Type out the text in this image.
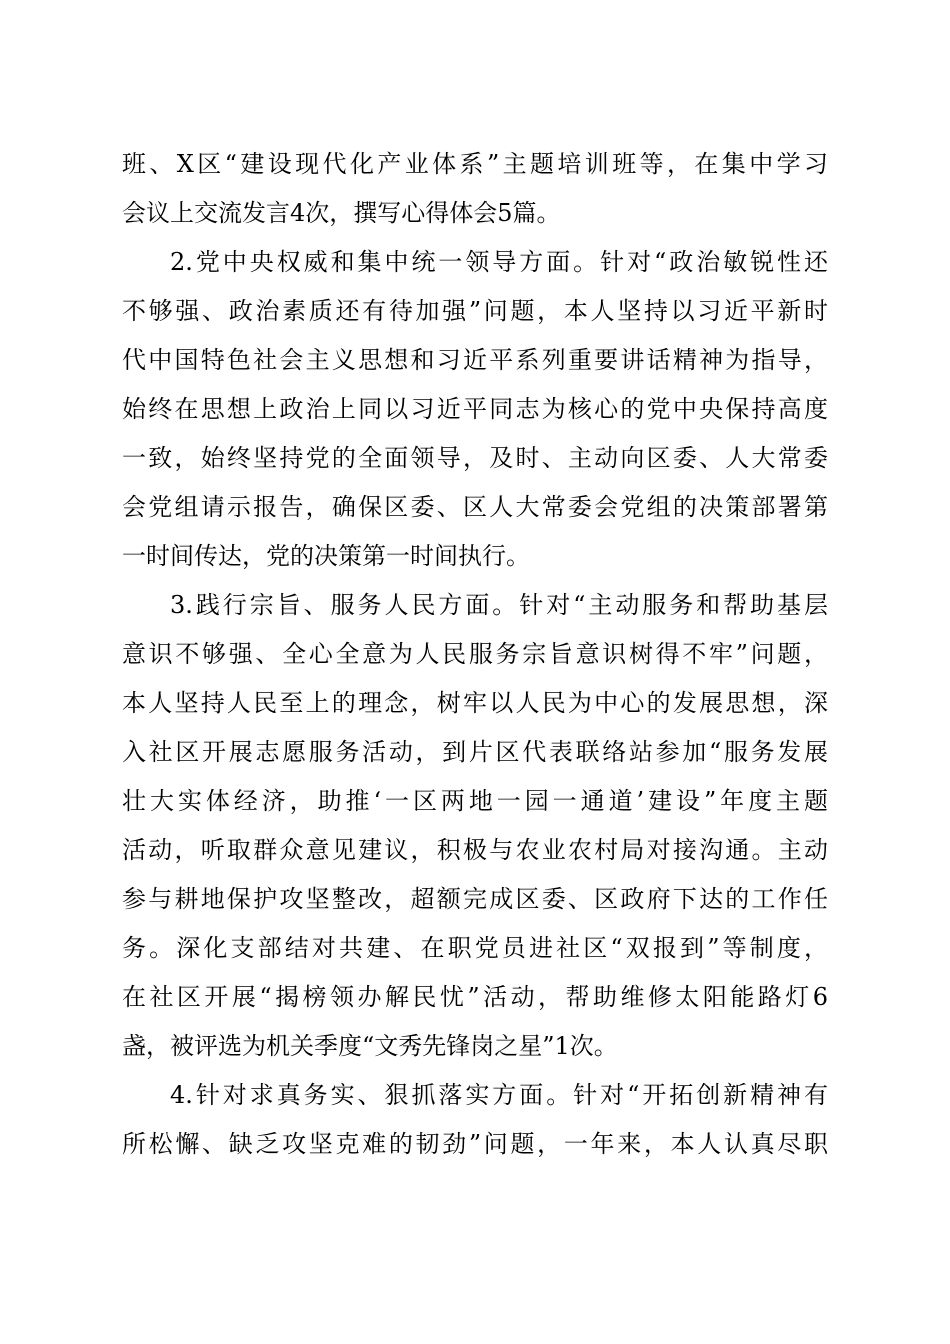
班、X区“建设现代化产业体系”主题培训班等，在集中学习
会议上交流发言4次，撰写心得体会5篇。
2.党中央权威和集中统一领导方面。针对“政治敏锐性还
不够强、政治素质还有待加强”问题，本人坚持以习近平新时
代中国特色社会主义思想和习近平系列重要讲话精神为指导，
始终在思想上政治上同以习近平同志为核心的党中央保持高度
一致，始终坚持党的全面领导，及时、主动向区委、人大常委
会党组请示报告，确保区委、区人大常委会党组的决策部署第
一时间传达，党的决策第一时间执行。
3.践行宗旨、服务人民方面。针对“主动服务和帮助基层
意识不够强、全心全意为人民服务宗旨意识树得不牢”问题，
本人坚持人民至上的理念，树牢以人民为中心的发展思想，深
入社区开展志愿服务活动，到片区代表联络站参加“服务发展
壮大实体经济，助推‘一区两地一园一通道’建设”年度主题
活动，听取群众意见建议，积极与农业农村局对接沟通。主动
参与耕地保护攻坚整改，超额完成区委、区政府下达的工作任
务。深化支部结对共建、在职党员进社区“双报到”等制度，
在社区开展“揭榜领办解民忧”活动，帮助维修太阳能路灯6
盏，被评选为机关季度“文秀先锋岗之星”1次。
4.针对求真务实、狠抓落实方面。针对“开拓创新精神有
所松懈、缺乏攻坚克难的韧劲”问题，一年来，本人认真尽职
